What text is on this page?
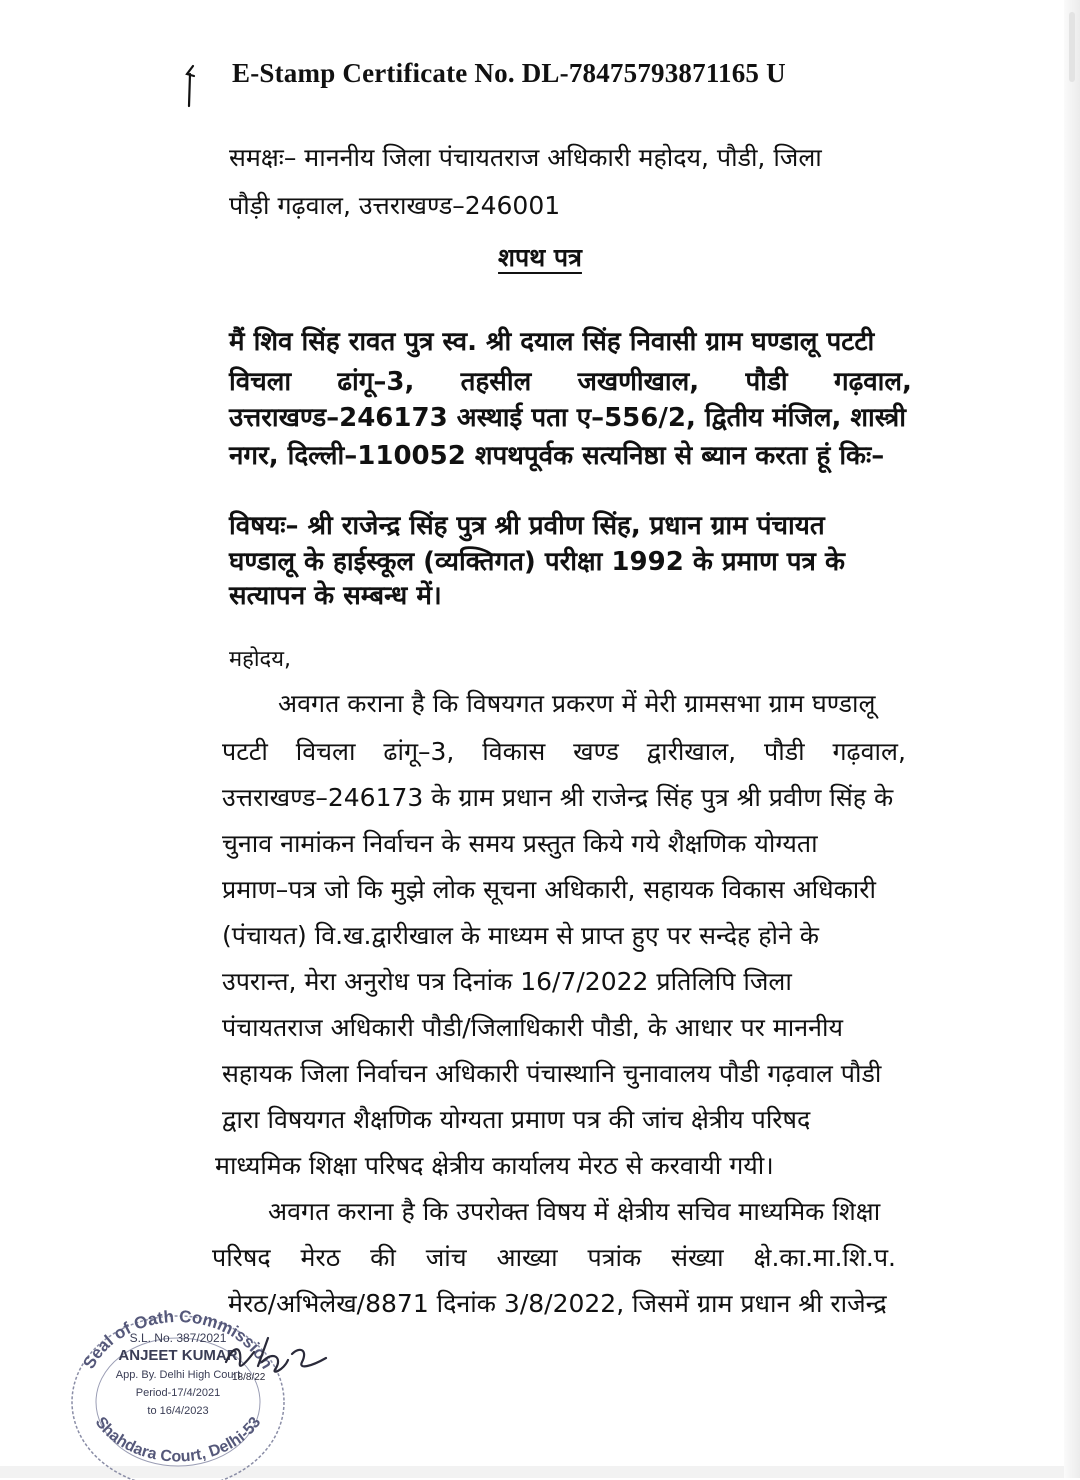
E-Stamp Certificate No. DL-78475793871165 U
समक्षः– माननीय जिला पंचायतराज अधिकारी महोदय, पौडी, जिला
पौड़ी गढ़वाल, उत्तराखण्ड–246001
शपथ पत्र
मैं शिव सिंह रावत पुत्र स्व. श्री दयाल सिंह निवासी ग्राम घण्डालू पटटी
विचला ढांगू–3, तहसील जखणीखाल, पौडी गढ़वाल,
उत्तराखण्ड–246173 अस्थाई पता ए–556/2, द्वितीय मंजिल, शास्त्री
नगर, दिल्ली–110052 शपथपूर्वक सत्यनिष्ठा से ब्यान करता हूं किः–
विषयः– श्री राजेन्द्र सिंह पुत्र श्री प्रवीण सिंह, प्रधान ग्राम पंचायत
घण्डालू के हाईस्कूल (व्यक्तिगत) परीक्षा 1992 के प्रमाण पत्र के
सत्यापन के सम्बन्ध में।
महोदय,
अवगत कराना है कि विषयगत प्रकरण में मेरी ग्रामसभा ग्राम घण्डालू
पटटी विचला ढांगू–3, विकास खण्ड द्वारीखाल, पौडी गढ़वाल,
उत्तराखण्ड–246173 के ग्राम प्रधान श्री राजेन्द्र सिंह पुत्र श्री प्रवीण सिंह के
चुनाव नामांकन निर्वाचन के समय प्रस्तुत किये गये शैक्षणिक योग्यता
प्रमाण–पत्र जो कि मुझे लोक सूचना अधिकारी, सहायक विकास अधिकारी
(पंचायत) वि.ख.द्वारीखाल के माध्यम से प्राप्त हुए पर सन्देह होने के
उपरान्त, मेरा अनुरोध पत्र दिनांक 16/7/2022 प्रतिलिपि जिला
पंचायतराज अधिकारी पौडी/जिलाधिकारी पौडी, के आधार पर माननीय
सहायक जिला निर्वाचन अधिकारी पंचास्थानि चुनावालय पौडी गढ़वाल पौडी
द्वारा विषयगत शैक्षणिक योग्यता प्रमाण पत्र की जांच क्षेत्रीय परिषद
माध्यमिक शिक्षा परिषद क्षेत्रीय कार्यालय मेरठ से करवायी गयी।
अवगत कराना है कि उपरोक्त विषय में क्षेत्रीय सचिव माध्यमिक शिक्षा
परिषद मेरठ की जांच आख्या पत्रांक संख्या क्षे.का.मा.शि.प.
मेरठ/अभिलेख/8871 दिनांक 3/8/2022, जिसमें ग्राम प्रधान श्री राजेन्द्र
Seal of Oath Commission
Shahdara Court, Delhi-53
S.L. No. 387/2021
ANJEET KUMAR
App. By. Delhi High Court
Period-17/4/2021
to 16/4/2023
18/8/22
